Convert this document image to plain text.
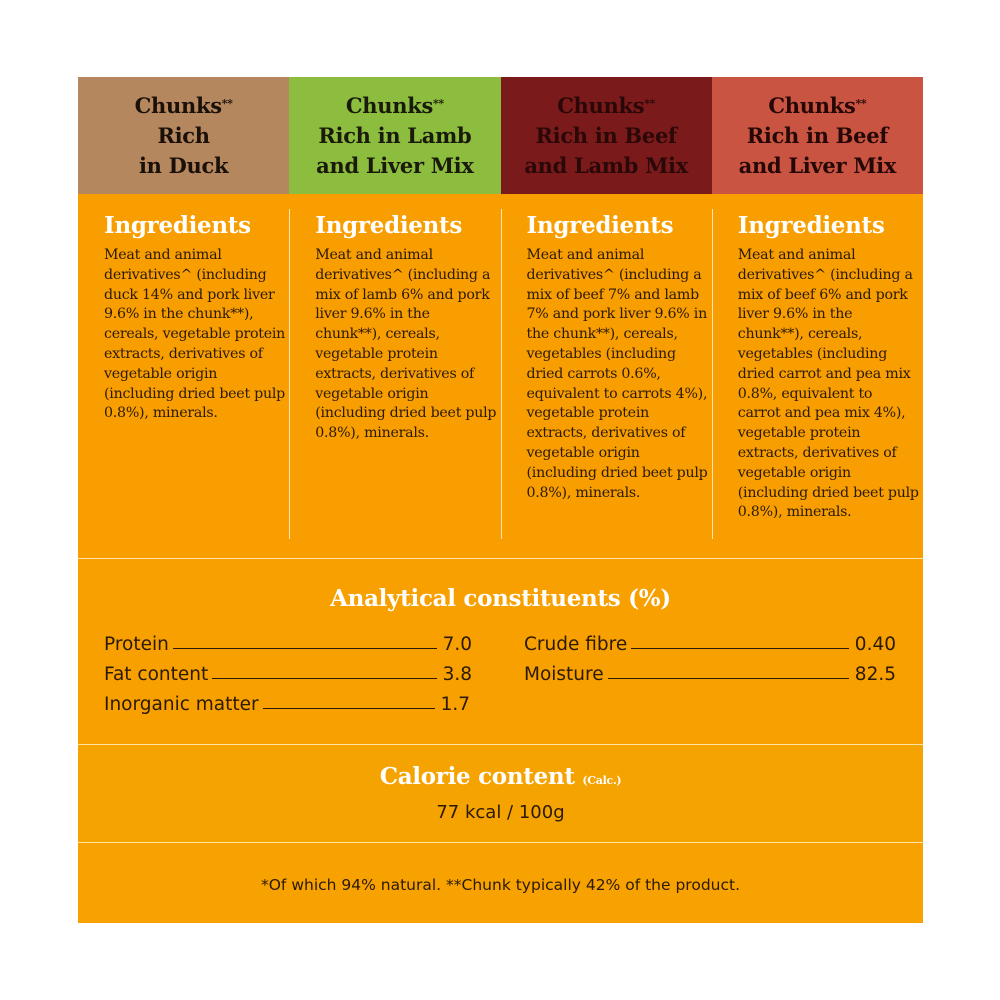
Chunks**
Rich
in Duck
Chunks**
Rich in Lamb
and Liver Mix
Chunks**
Rich in Beef
and Lamb Mix
Chunks**
Rich in Beef
and Liver Mix
Ingredients

Meat and animal derivatives^ (including duck 14% and pork liver 9.6% in the chunk**), cereals, vegetable protein extracts, derivatives of vegetable origin (including dried beet pulp 0.8%), minerals.

Ingredients

Meat and animal derivatives^ (including a mix of lamb 6% and pork liver 9.6% in the chunk**), cereals, vegetable protein extracts, derivatives of vegetable origin (including dried beet pulp 0.8%), minerals.

Ingredients

Meat and animal derivatives^ (including a mix of beef 7% and lamb 7% and pork liver 9.6% in the chunk**), cereals, vegetables (including dried carrots 0.6%, equivalent to carrots 4%), vegetable protein extracts, derivatives of vegetable origin (including dried beet pulp 0.8%), minerals.

Ingredients

Meat and animal derivatives^ (including a mix of beef 6% and pork liver 9.6% in the chunk**), cereals, vegetables (including dried carrot and pea mix 0.8%, equivalent to carrot and pea mix 4%), vegetable protein extracts, derivatives of vegetable origin (including dried beet pulp 0.8%), minerals.

Analytical constituents (%)
Protein	7.0
Fat content	3.8
Inorganic matter	1.7
Crude fibre	0.40
Moisture	82.5
Calorie content (Calc.)
77 kcal / 100g
*Of which 94% natural. **Chunk typically 42% of the product.
